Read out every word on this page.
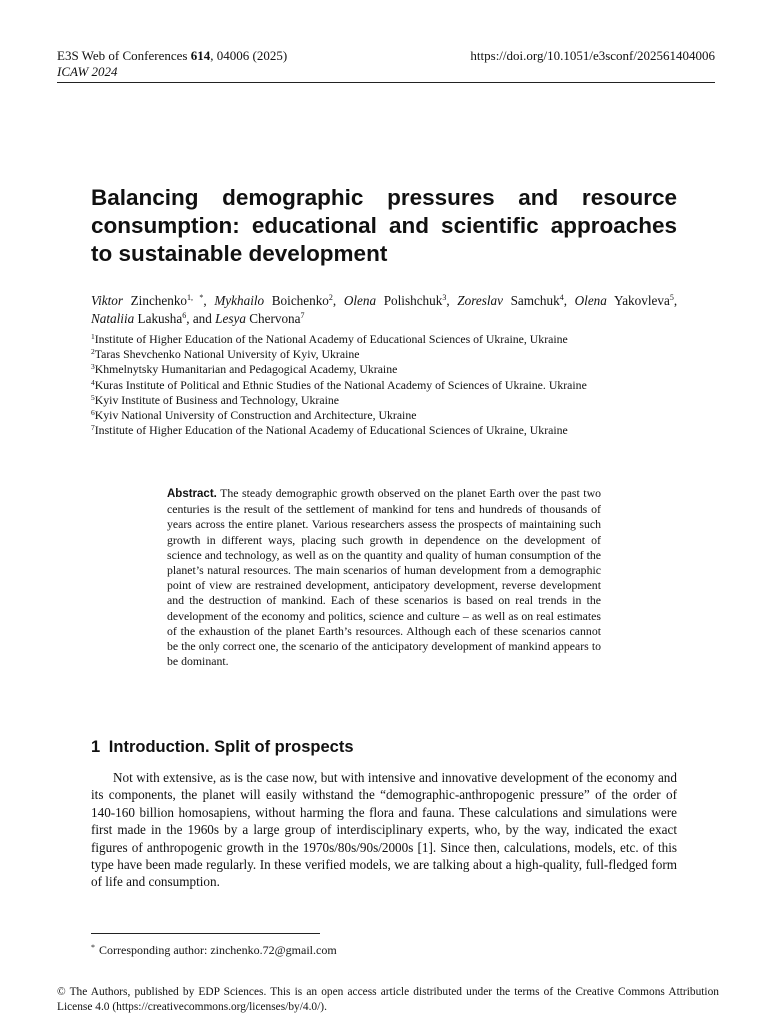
E3S Web of Conferences 614, 04006 (2025)
ICAW 2024
https://doi.org/10.1051/e3sconf/202561404006
Balancing demographic pressures and resource consumption: educational and scientific approaches to sustainable development
Viktor Zinchenko$^{1, *}$, Mykhailo Boichenko$^2$, Olena Polishchuk$^3$, Zoreslav Samchuk$^4$, Olena Yakovleva$^5$, Nataliia Lakusha$^6$, and Lesya Chervona$^7$
$^1$Institute of Higher Education of the National Academy of Educational Sciences of Ukraine, Ukraine
$^2$Taras Shevchenko National University of Kyiv, Ukraine
$^3$Khmelnytsky Humanitarian and Pedagogical Academy, Ukraine
$^4$Kuras Institute of Political and Ethnic Studies of the National Academy of Sciences of Ukraine. Ukraine
$^5$Kyiv Institute of Business and Technology, Ukraine
$^6$Kyiv National University of Construction and Architecture, Ukraine
$^7$Institute of Higher Education of the National Academy of Educational Sciences of Ukraine, Ukraine

Abstract. The steady demographic growth observed on the planet Earth over the past two centuries is the result of the settlement of mankind for tens and hundreds of thousands of years across the entire planet. Various researchers assess the prospects of maintaining such growth in different ways, placing such growth in dependence on the development of science and technology, as well as on the quantity and quality of human consumption of the planet’s natural resources. The main scenarios of human development from a demographic point of view are restrained development, anticipatory development, reverse development and the destruction of mankind. Each of these scenarios is based on real trends in the development of the economy and politics, science and culture – as well as on real estimates of the exhaustion of the planet Earth’s resources. Although each of these scenarios cannot be the only correct one, the scenario of the anticipatory development of mankind appears to be dominant.

1 Introduction. Split of prospects

Not with extensive, as is the case now, but with intensive and innovative development of the economy and its components, the planet will easily withstand the “demographic-anthropogenic pressure” of the order of 140-160 billion homosapiens, without harming the flora and fauna. These calculations and simulations were first made in the 1960s by a large group of interdisciplinary experts, who, by the way, indicated the exact figures of anthropogenic growth in the 1970s/80s/90s/2000s [1]. Since then, calculations, models, etc. of this type have been made regularly. In these verified models, we are talking about a high-quality, full-fledged form of life and consumption.

* Corresponding author: zinchenko.72@gmail.com
© The Authors, published by EDP Sciences. This is an open access article distributed under the terms of the Creative Commons Attribution License 4.0 (https://creativecommons.org/licenses/by/4.0/).
